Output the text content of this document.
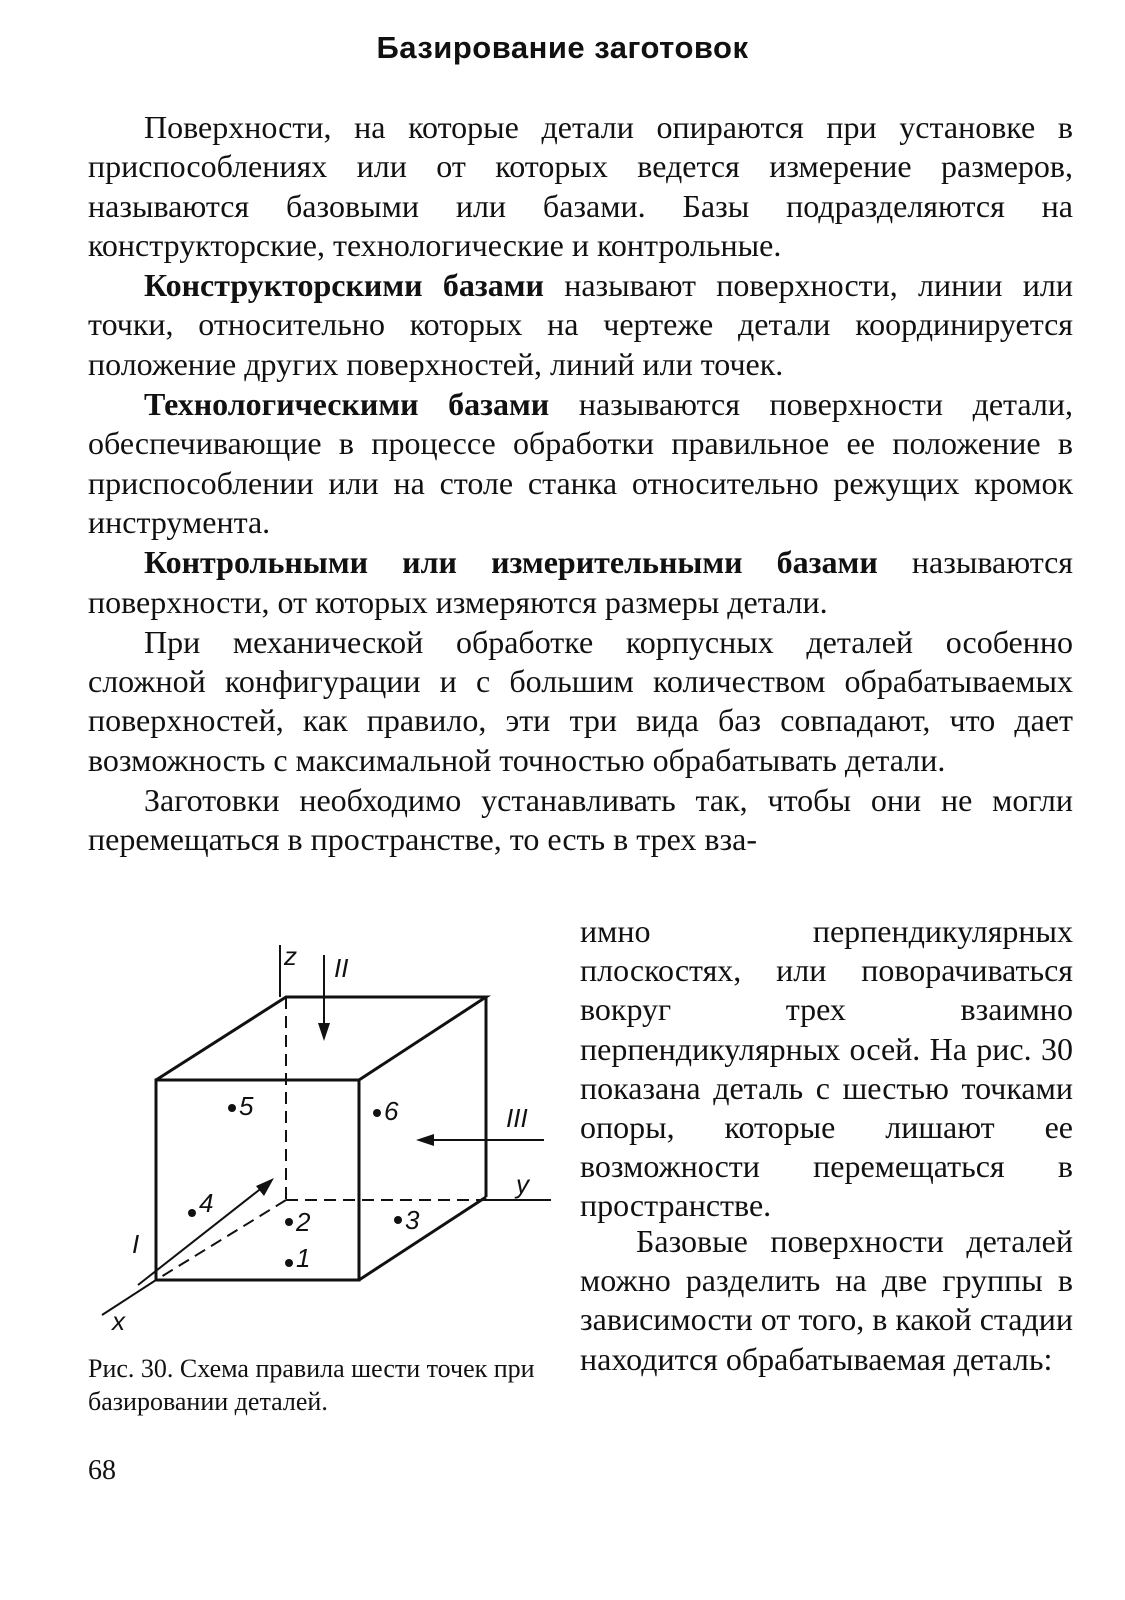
Базирование заготовок

Поверхности, на которые детали опираются при установке в приспособлениях или от которых ведется измерение размеров, называются базовыми или базами. Базы подразделяются на конструкторские, технологические и контрольные.

Конструкторскими базами называют поверхности, линии или точки, относительно которых на чертеже детали координируется положение других поверхностей, линий или точек.

Технологическими базами называются поверхности детали, обеспечивающие в процессе обработки правильное ее положение в приспособлении или на столе станка относительно режущих кромок инструмента.

Контрольными или измерительными базами называются поверхности, от которых измеряются размеры детали.

При механической обработке корпусных деталей особенно сложной конфигурации и с большим количеством обрабатываемых поверхностей, как правило, эти три вида баз совпадают, что дает возможность с максимальной точностью обрабатывать детали.

Заготовки необходимо устанавливать так, чтобы они не могли перемещаться в пространстве, то есть в трех вза-

имно перпендикулярных плоскостях, или поворачиваться вокруг трех взаимно перпендикулярных осей. На рис. 30 показана деталь с шестью точками опоры, которые лишают ее возможности перемещаться в пространстве.

Базовые поверхности деталей можно разделить на две группы в зависимости от того, в какой стадии находится обрабатываемая деталь:

z
y
x
I
II
III
1
2	3
4
5	6
Рис. 30. Схема правила шести точек при базировании деталей.
68
